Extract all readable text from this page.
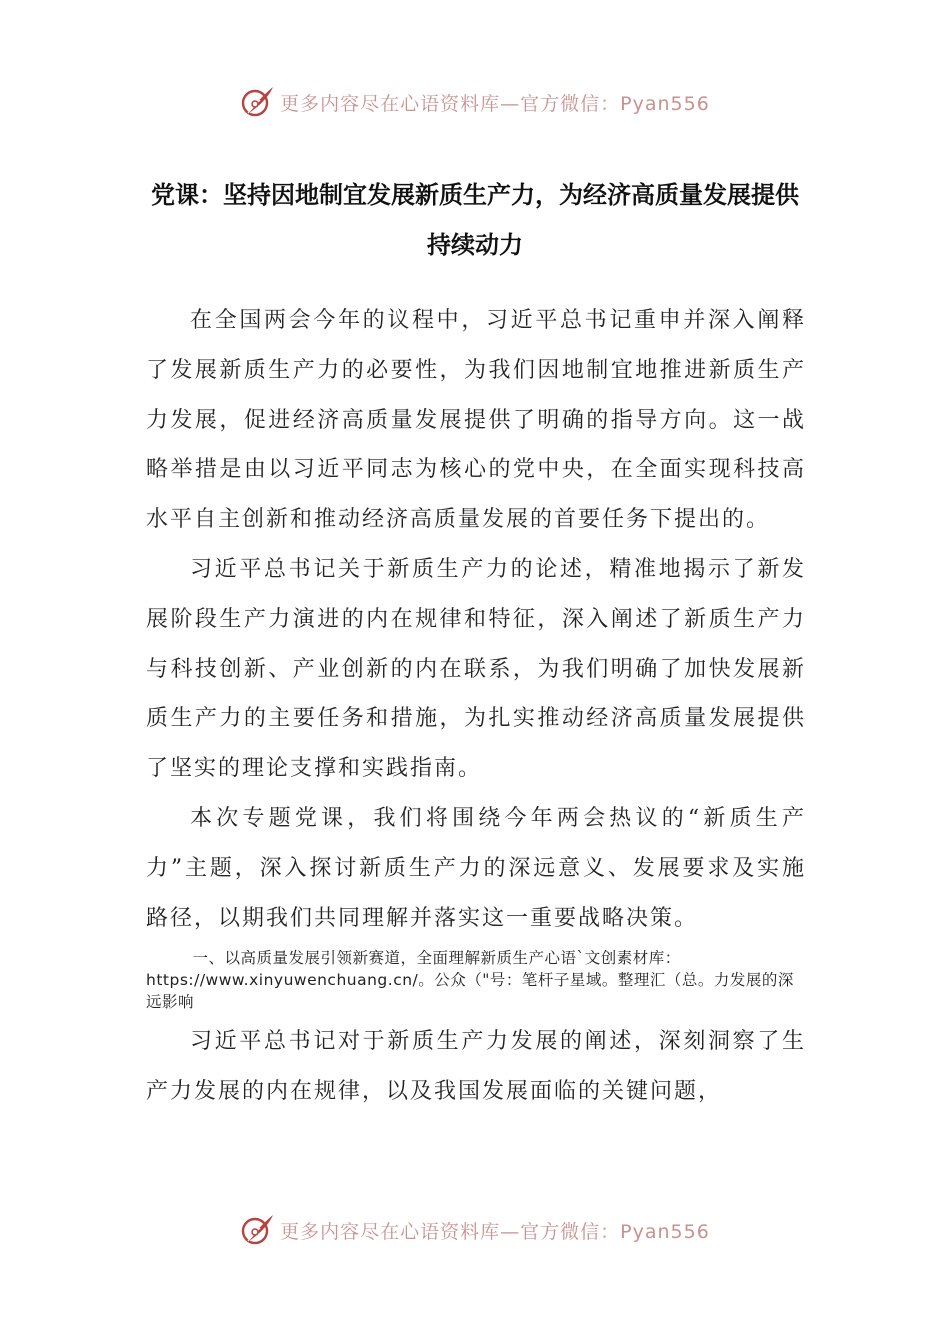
更多内容尽在心语资料库—官方微信：Pyan556
党课：坚持因地制宜发展新质生产力，为经济高质量发展提供持续动力

在全国两会今年的议程中，习近平总书记重申并深入阐释了发展新质生产力的必要性，为我们因地制宜地推进新质生产力发展，促进经济高质量发展提供了明确的指导方向。这一战略举措是由以习近平同志为核心的党中央，在全面实现科技高水平自主创新和推动经济高质量发展的首要任务下提出的。

习近平总书记关于新质生产力的论述，精准地揭示了新发展阶段生产力演进的内在规律和特征，深入阐述了新质生产力与科技创新、产业创新的内在联系，为我们明确了加快发展新质生产力的主要任务和措施，为扎实推动经济高质量发展提供了坚实的理论支撑和实践指南。

本次专题党课，我们将围绕今年两会热议的“新质生产力”主题，深入探讨新质生产力的深远意义、发展要求及实施路径，以期我们共同理解并落实这一重要战略决策。

一、以高质量发展引领新赛道，全面理解新质生产心语`文创素材库：https://www.xinyuwenchuang.cn/。公众（"号：笔杆子星域。整理汇（总。力发展的深远影响

习近平总书记对于新质生产力发展的阐述，深刻洞察了生产力发展的内在规律，以及我国发展面临的关键问题，

更多内容尽在心语资料库—官方微信：Pyan556
